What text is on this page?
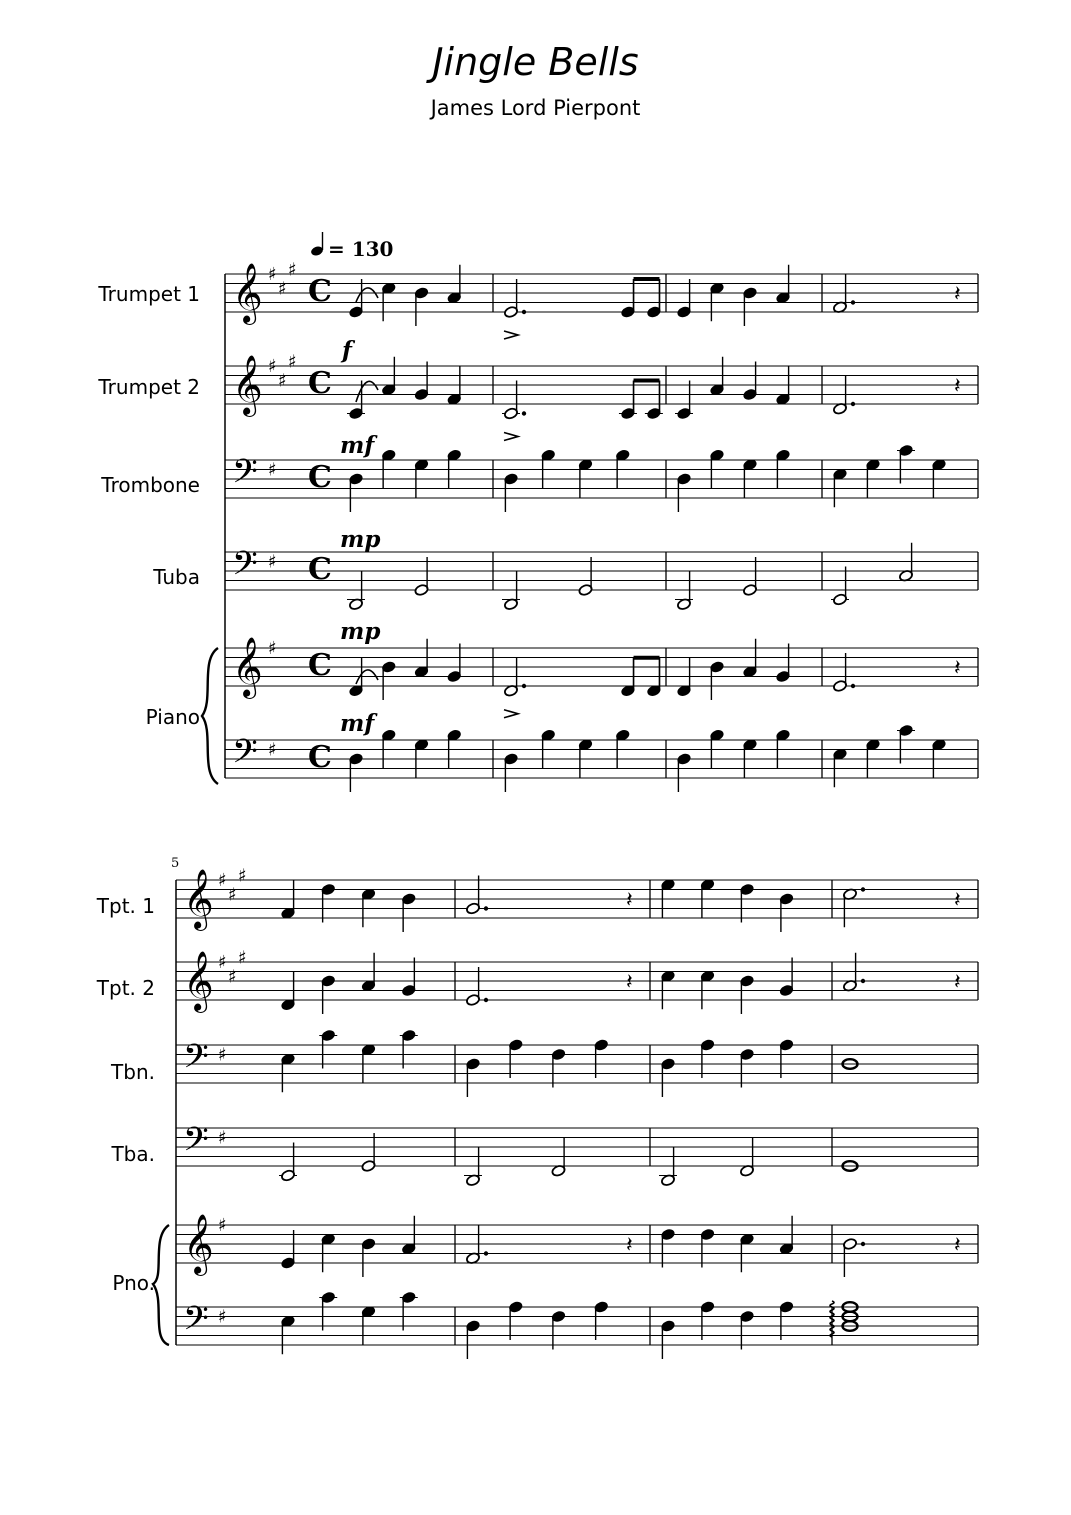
Jingle Bells
James Lord Pierpont
Trumpet 1
Trumpet 2
Trombone
Tuba
Piano
Tpt. 1
Tpt. 2
Tbn.
Tba.
Pno.
= 130
5
𝄞 ♯
♯
♯
C	𝄽
𝄞 ♯
♯
♯
C	𝄽
𝄢 ♯ C
𝄢 ♯ C
𝄞 ♯ C	𝄽
𝄢 ♯ C
f
mf
mp
mp
mf
𝄞 ♯
♯
♯
𝄽	𝄽
𝄞 ♯
♯
♯
𝄽	𝄽
𝄢 ♯
𝄢 ♯
𝄞 ♯
𝄽	𝄽
𝄢 ♯
